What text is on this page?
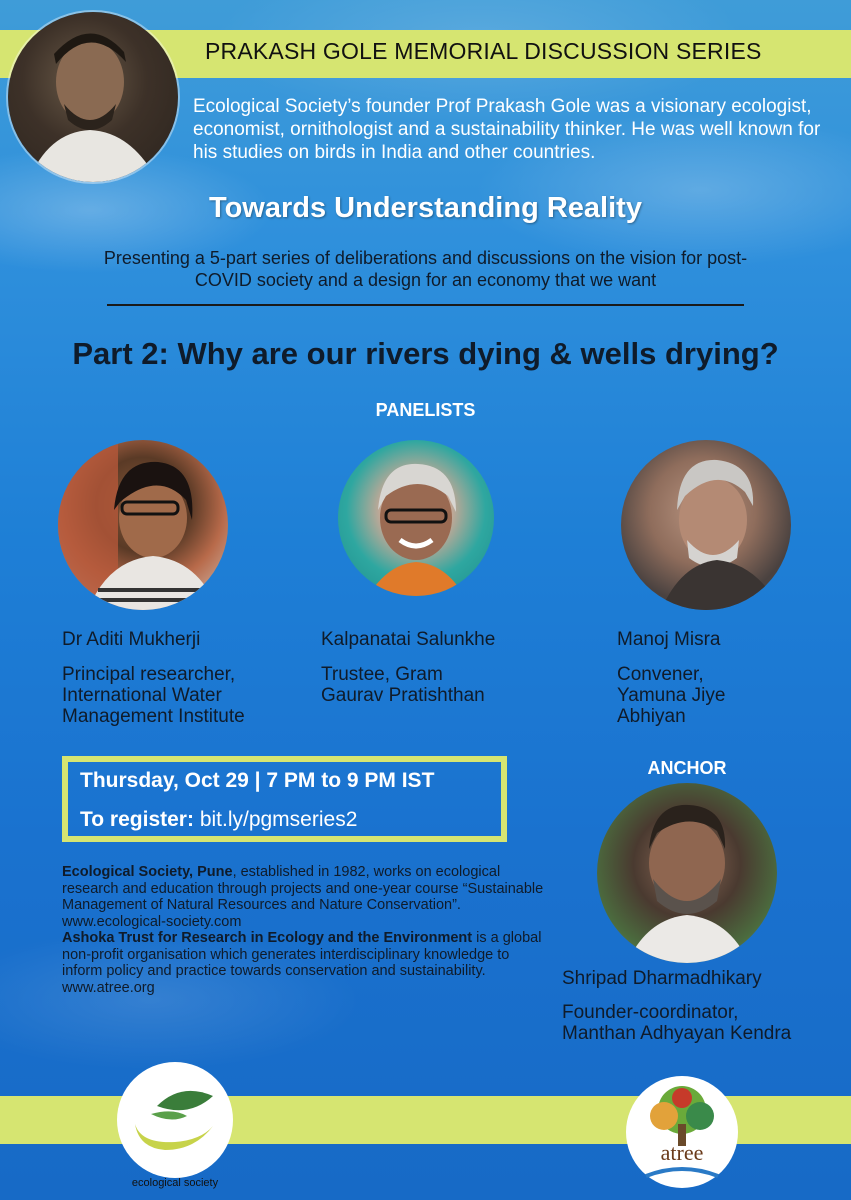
PRAKASH GOLE MEMORIAL DISCUSSION SERIES
Ecological Society’s founder Prof Prakash Gole was a visionary ecologist, economist, ornithologist and a sustainability thinker. He was well known for his studies on birds in India and other countries.
Towards Understanding Reality
Presenting a 5-part series of deliberations and discussions on the vision for post-COVID society and a design for an economy that we want
Part 2: Why are our rivers dying & wells drying?
PANELISTS
Dr Aditi Mukherji
Principal researcher,
International Water
Management Institute
Kalpanatai Salunkhe
Trustee, Gram
Gaurav Pratishthan
Manoj Misra
Convener,
Yamuna Jiye
Abhiyan
Thursday, Oct 29 | 7 PM to 9 PM IST
To register: bit.ly/pgmseries2
ANCHOR
Shripad Dharmadhikary
Founder-coordinator,
Manthan Adhyayan Kendra
Ecological Society, Pune, established in 1982, works on ecological research and education through projects and one-year course “Sustainable Management of Natural Resources and Nature Conservation”.
www.ecological-society.com
Ashoka Trust for Research in Ecology and the Environment is a global non-profit organisation which generates interdisciplinary knowledge to inform policy and practice towards conservation and sustainability.
www.atree.org
ecological society
atree
